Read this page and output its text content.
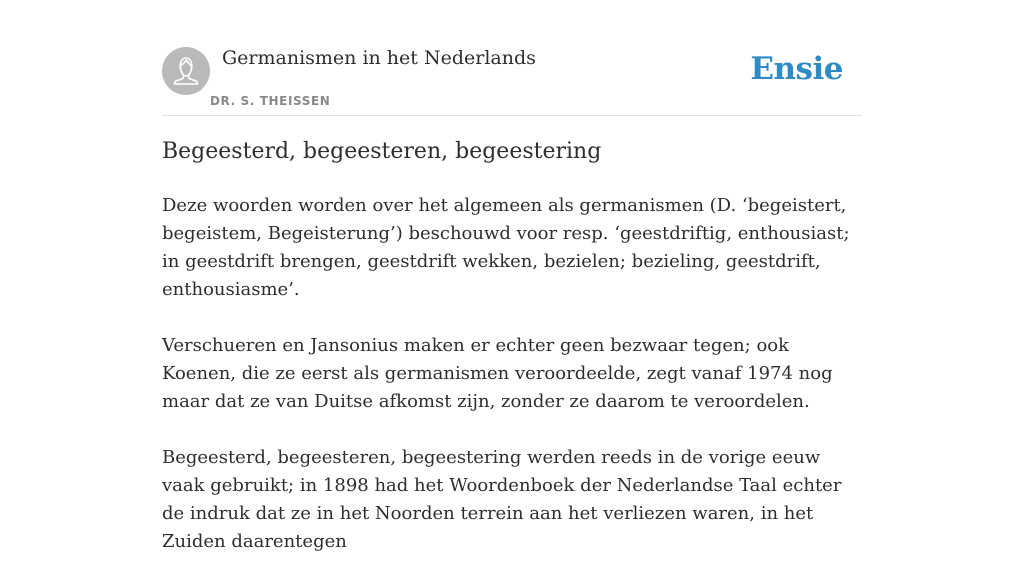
Germanismen in het Nederlands
DR. S. THEISSEN
Ensie
Begeesterd, begeesteren, begeestering

Deze woorden worden over het algemeen als germanismen (D. ‘begeistert, begeistem, Begeisterung’) beschouwd voor resp. ‘geestdriftig, enthousiast; in geestdrift brengen, geestdrift wekken, bezielen; bezieling, geestdrift, enthousiasme’.

Verschueren en Jansonius maken er echter geen bezwaar tegen; ook Koenen, die ze eerst als germanismen veroordeelde, zegt vanaf 1974 nog maar dat ze van Duitse afkomst zijn, zonder ze daarom te veroordelen.

Begeesterd, begeesteren, begeestering werden reeds in de vorige eeuw vaak gebruikt; in 1898 had het Woordenboek der Nederlandse Taal echter de indruk dat ze in het Noorden terrein aan het verliezen waren, in het Zuiden daarentegen
